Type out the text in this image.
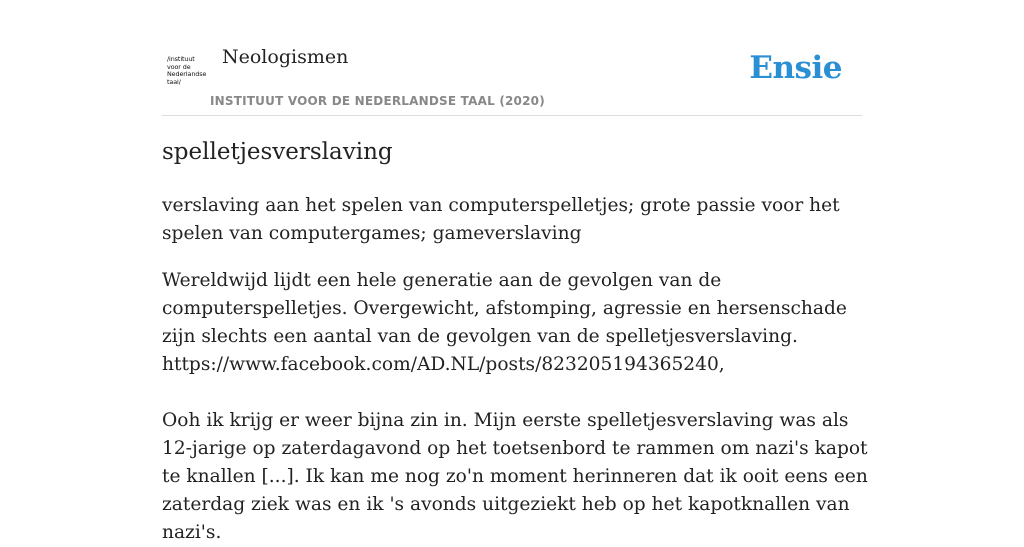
/instituut
voor de
Nederlandse
taal/
Neologismen
INSTITUUT VOOR DE NEDERLANDSE TAAL (2020)
Ensie
spelletjesverslaving

verslaving aan het spelen van computerspelletjes; grote passie voor het spelen van computergames; gameverslaving

Wereldwijd lijdt een hele generatie aan de gevolgen van de computerspelletjes. Overgewicht, afstomping, agressie en hersenschade zijn slechts een aantal van de gevolgen van de spelletjesverslaving.

https://www.facebook.com/AD.NL/posts/823205194365240,

Ooh ik krijg er weer bijna zin in. Mijn eerste spelletjesverslaving was als 12-jarige op zaterdagavond op het toetsenbord te rammen om nazi's kapot te knallen [...]. Ik kan me nog zo'n moment herinneren dat ik ooit eens een zaterdag ziek was en ik 's avonds uitgeziekt heb op het kapotknallen van nazi's.
